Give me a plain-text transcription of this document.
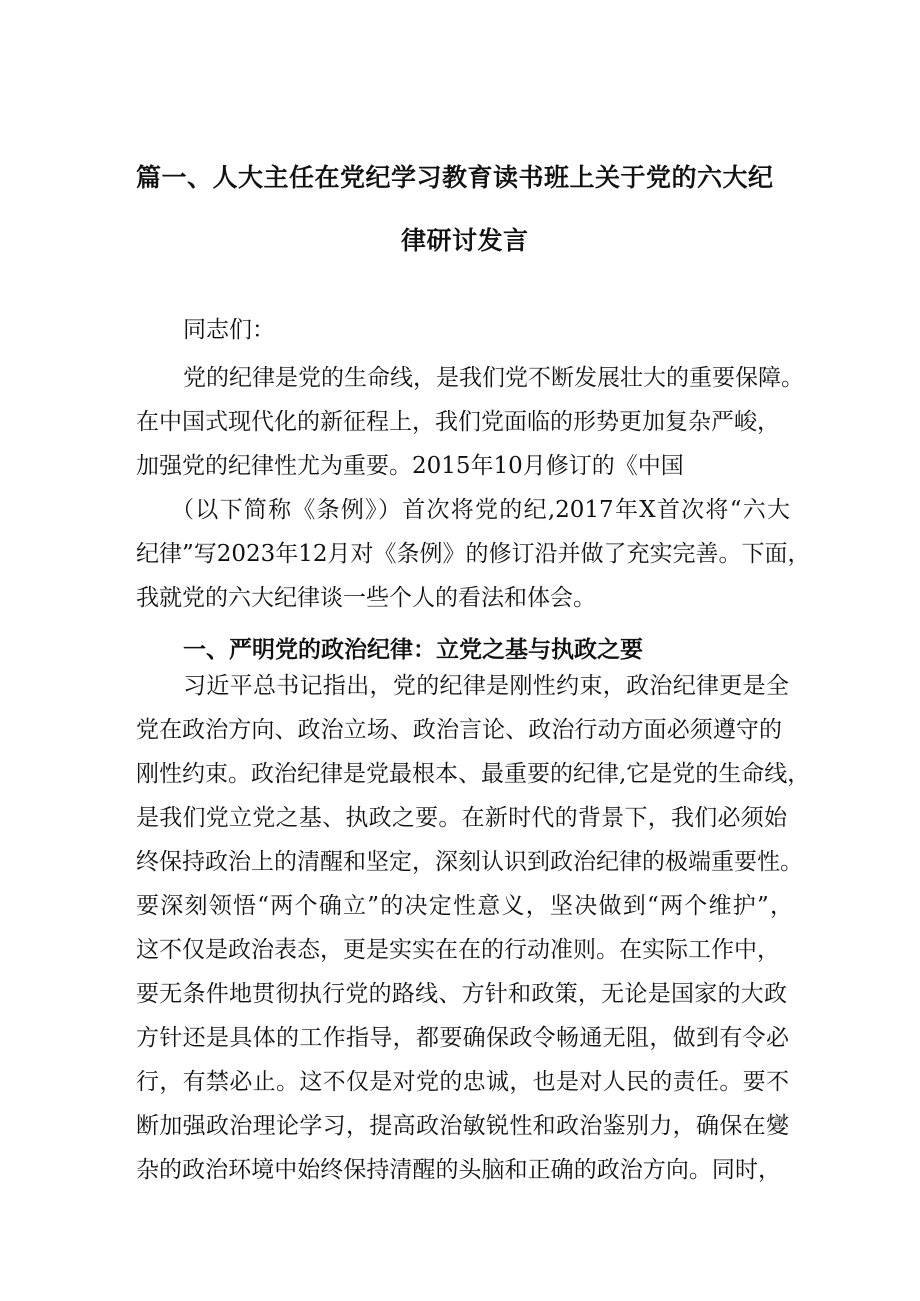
篇一、人大主任在党纪学习教育读书班上关于党的六大纪
律研讨发言
同志们：
党的纪律是党的生命线，是我们党不断发展壮大的重要保障。
在中国式现代化的新征程上，我们党面临的形势更加复杂严峻，
加强党的纪律性尤为重要。2015年10月修订的《中国
（以下简称《条例》）首次将党的纪,2017年X首次将“六大
纪律”写2023年12月对《条例》的修订沿并做了充实完善。下面，
我就党的六大纪律谈一些个人的看法和体会。
一、严明党的政治纪律：立党之基与执政之要
习近平总书记指出，党的纪律是刚性约束，政治纪律更是全
党在政治方向、政治立场、政治言论、政治行动方面必须遵守的
刚性约束。政治纪律是党最根本、最重要的纪律,它是党的生命线，
是我们党立党之基、执政之要。在新时代的背景下，我们必须始
终保持政治上的清醒和坚定，深刻认识到政治纪律的极端重要性。
要深刻领悟“两个确立”的决定性意义，坚决做到“两个维护”，
这不仅是政治表态，更是实实在在的行动准则。在实际工作中，
要无条件地贯彻执行党的路线、方针和政策，无论是国家的大政
方针还是具体的工作指导，都要确保政令畅通无阻，做到有令必
行，有禁必止。这不仅是对党的忠诚，也是对人民的责任。要不
断加强政治理论学习，提高政治敏锐性和政治鉴别力，确保在夑
杂的政治环境中始终保持清醒的头脑和正确的政治方向。同时，
